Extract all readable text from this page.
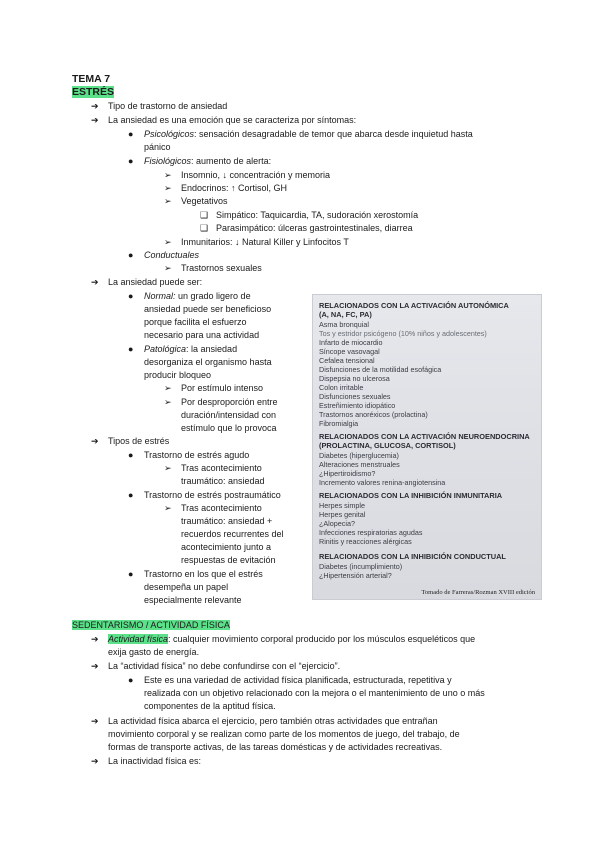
TEMA 7
ESTRÉS
➔ Tipo de trastorno de ansiedad
➔ La ansiedad es una emoción que se caracteriza por síntomas:
● Psicológicos: sensación desagradable de temor que abarca desde inquietud hasta
pánico
● Fisiológicos: aumento de alerta:
➢ Insomnio, ↓ concentración y memoria
➢ Endocrinos: ↑ Cortisol, GH
➢ Vegetativos
❑ Simpático: Taquicardia, TA, sudoración xerostomía
❑ Parasimpático: úlceras gastrointestinales, diarrea
➢ Inmunitarios: ↓ Natural Killer y Linfocitos T
● Conductuales
➢ Trastornos sexuales
➔ La ansiedad puede ser:
● Normal: un grado ligero de
ansiedad puede ser beneficioso
porque facilita el esfuerzo
necesario para una actividad
● Patológica: la ansiedad
desorganiza el organismo hasta
producir bloqueo
➢ Por estímulo intenso
➢ Por desproporción entre
duración/intensidad con
estímulo que lo provoca
➔ Tipos de estrés
● Trastorno de estrés agudo
➢ Tras acontecimiento
traumático: ansiedad
● Trastorno de estrés postraumático
➢ Tras acontecimiento
traumático: ansiedad +
recuerdos recurrentes del
acontecimiento junto a
respuestas de evitación
● Trastorno en los que el estrés
desempeña un papel
especialmente relevante
RELACIONADOS CON LA ACTIVACIÓN AUTONÓMICA
(A, NA, FC, PA)
Asma bronquial
Tos y estridor psicógeno (10% niños y adolescentes)
Infarto de miocardio
Síncope vasovagal
Cefalea tensional
Disfunciones de la motilidad esofágica
Dispepsia no ulcerosa
Colon irritable
Disfunciones sexuales
Estreñimiento idiopático
Trastornos anoréxicos (prolactina)
Fibromialgia
RELACIONADOS CON LA ACTIVACIÓN NEUROENDOCRINA
(PROLACTINA, GLUCOSA, CORTISOL)
Diabetes (hiperglucemia)
Alteraciones menstruales
¿Hipertiroidismo?
Incremento valores renina-angiotensina
RELACIONADOS CON LA INHIBICIÓN INMUNITARIA
Herpes simple
Herpes genital
¿Alopecia?
Infecciones respiratorias agudas
Rinitis y reacciones alérgicas
RELACIONADOS CON LA INHIBICIÓN CONDUCTUAL
Diabetes (incumplimiento)
¿Hipertensión arterial?
Tomado de Farreras/Rozman XVIII edición
SEDENTARISMO / ACTIVIDAD FÍSICA
➔ Actividad física: cualquier movimiento corporal producido por los músculos esqueléticos que
exija gasto de energía.
➔ La “actividad física” no debe confundirse con el “ejercicio”.
● Este es una variedad de actividad física planificada, estructurada, repetitiva y
realizada con un objetivo relacionado con la mejora o el mantenimiento de uno o más
componentes de la aptitud física.
➔ La actividad física abarca el ejercicio, pero también otras actividades que entrañan
movimiento corporal y se realizan como parte de los momentos de juego, del trabajo, de
formas de transporte activas, de las tareas domésticas y de actividades recreativas.
➔ La inactividad física es:
